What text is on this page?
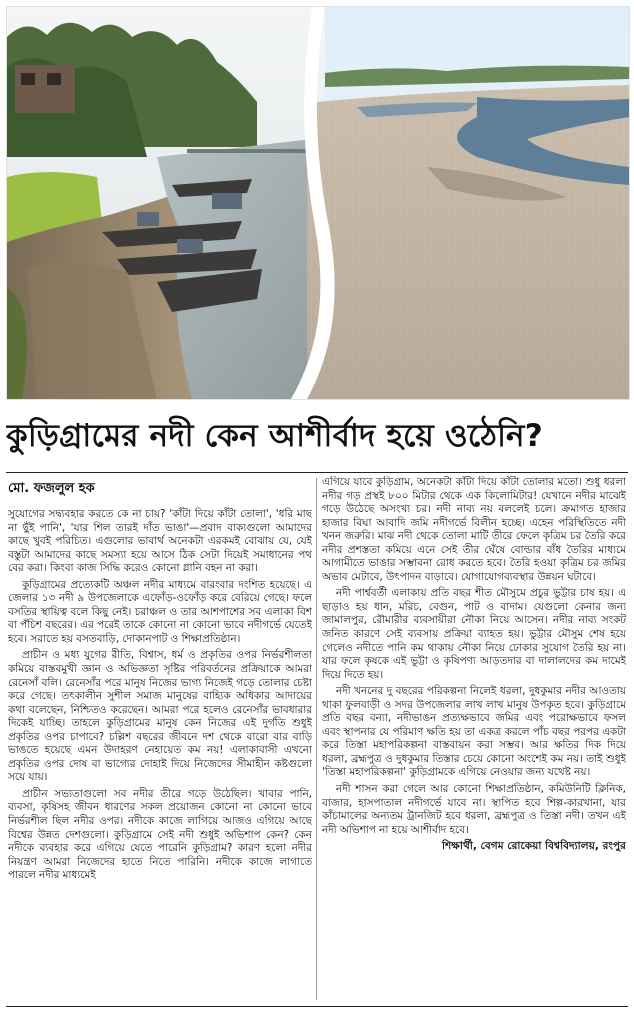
কুড়িগ্রামের নদী কেন আশীর্বাদ হয়ে ওঠেনি?
মো. ফজলুল হক

সুযোগের সদ্ব্যবহার করতে কে না চায়? 'কাঁটা দিয়ে কাঁটা তোলা', 'ধরি মাছ না ছুঁই পানি', 'যার শিল তারই দাঁত ভাঙা'—প্রবাদ বাক্যগুলো আমাদের কাছে খুবই পরিচিত। এগুলোর ভাবার্থ অনেকটা এরকমই বোঝায় যে, যেই বস্তুটা আমাদের কাছে সমস্যা হয়ে আসে ঠিক সেটা দিয়েই সমাধানের পথ বের করা। কিংবা কাজ সিদ্ধি করেও কোনো গ্লানি বহন না করা।

কুড়িগ্রামের প্রত্যেকটি অঞ্চল নদীর মাধ্যমে বারংবার দংশিত হয়েছে। এ জেলার ১৩ নদী ৯ উপজেলাকে এফোঁড়-ওফোঁড় করে বেরিয়ে গেছে। ফলে বসতির স্থায়িত্ব বলে কিছু নেই। চরাঞ্চল ও তার আশপাশের সব এলাকা বিশ বা পঁচিশ বছরের। এর পরেই তাকে কোনো না কোনো ভাবে নদীগর্ভে যেতেই হবে। সরাতে হয় বসতবাড়ি, দোকানপাট ও শিক্ষাপ্রতিষ্ঠান।

প্রাচীন ও মধ্য যুগের রীতি, বিশ্বাস, ধর্ম ও প্রকৃতির ওপর নির্ভরশীলতা কমিয়ে বাস্তবমুখী জ্ঞান ও অভিজ্ঞতা সৃষ্টির পরিবর্তনের প্রক্রিয়াকে আমরা রেনেসাঁ বলি। রেনেসাঁর পরে মানুষ নিজের ভাগ্য নিজেই গড়ে তোলার চেষ্টা করে গেছে। তৎকালীন সুশীল সমাজ মানুষের বাহ্যিক অধিকার আদায়ের কথা বলেছেন, নিশ্চিতও করেছেন। আমরা পরে হলেও রেনেসাঁর ভাবধারার দিকেই যাচ্ছি। তাহলে কুড়িগ্রামের মানুষ কেন নিজের এই দুর্গতি শুধুই প্রকৃতির ওপর চাপাবে? চল্লিশ বছরের জীবনে দশ থেকে বারো বার বাড়ি ভাঙতে হয়েছে এমন উদাহরণ নেহায়েত কম নয়! এলাকাবাসী এখনো প্রকৃতির ওপর দোষ বা ভাগ্যের দোহাই দিয়ে নিজেদের সীমাহীন কষ্টগুলো সয়ে যায়।

প্রাচীন সভ্যতাগুলো সব নদীর তীরে গড়ে উঠেছিল। খাবার পানি, ব্যবসা, কৃষিসহ জীবন ধারণের সকল প্রয়োজন কোনো না কোনো ভাবে নির্ভরশীল ছিল নদীর ওপর। নদীকে কাজে লাগিয়ে আজও এগিয়ে আছে বিশ্বের উন্নত দেশগুলো। কুড়িগ্রামে সেই নদী শুধুই অভিশাপ কেন? কেন নদীকে ব্যবহার করে এগিয়ে যেতে পারেনি কুড়িগ্রাম? কারণ হলো নদীর নিয়ন্ত্রণ আমরা নিজেদের হাতে নিতে পারিনি। নদীকে কাজে লাগাতে পারলে নদীর মাধ্যমেই

এগিয়ে যাবে কুড়িগ্রাম, অনেকটা কাঁটা দিয়ে কাঁটা তোলার মতো। শুধু ধরলা নদীর গড় প্রস্থই ৮০০ মিটার থেকে এক কিলোমিটার! যেখানে নদীর মাঝেই গড়ে উঠেছে অসংখ্য চর। নদী নাব্য নয় বললেই চলে। ক্রমাগত হাজার হাজার বিঘা আবাদি জমি নদীগর্ভে বিলীন হচ্ছে। এহেন পরিস্থিতিতে নদী খনন জরুরি। মাঝ নদী থেকে তোলা মাটি তীরে ফেলে কৃত্রিম চর তৈরি করে নদীর প্রশস্ততা কমিয়ে এনে সেই তীর ঘেঁষে বোল্ডার বাঁধ তৈরির মাধ্যমে আগামীতে ভাঙার সম্ভাবনা রোধ করতে হবে। তৈরি হওয়া কৃত্রিম চর জমির অভাব মেটাবে, উৎপাদন বাড়াবে। যোগাযোগব্যবস্থার উন্নয়ন ঘটাবে।

নদী পার্শ্ববর্তী এলাকায় প্রতি বছর শীত মৌসুমে প্রচুর ভুট্টার চাষ হয়। এ ছাড়াও হয় ধান, মরিচ, বেগুন, পাট ও বাদাম। যেগুলো কেনার জন্য জামালপুর, রৌমারীর ব্যবসায়ীরা নৌকা নিয়ে আসেন। নদীর নাব্য সংকট জনিত কারণে সেই ব্যবসায় প্রক্রিয়া ব্যাহত হয়। ভুট্টার মৌসুম শেষ হয়ে গেলেও নদীতে পানি কম থাকায় নৌকা নিয়ে ঢোকার সুযোগ তৈরি হয় না। যার ফলে কৃষকে এই ভুট্টা ও কৃষিপণ্য আড়তদার বা দালালদের কম দামেই দিয়ে দিতে হয়।

নদী খননের দু বছরের পরিকল্পনা নিলেই ধরলা, দুধকুমার নদীর আওতায় থাকা ফুলবাড়ী ও সদর উপজেলার লাখ লাখ মানুষ উপকৃত হবে। কুড়িগ্রামে প্রতি বছর বন্যা, নদীভাঙন প্রত্যক্ষভাবে জমির এবং পরোক্ষভাবে ফসল এবং স্থাপনার যে পরিমাণ ক্ষতি হয় তা একত্র করলে পাঁচ বছর পরপর একটা করে তিস্তা মহাপরিকল্পনা বাস্তবায়ন করা সম্ভব। আর ক্ষতির দিক দিয়ে ধরলা, ব্রহ্মপুত্র ও দুধকুমার তিস্তার চেয়ে কোনো অংশেই কম নয়। তাই শুধুই 'তিস্তা মহাপরিকল্পনা' কুড়িগ্রামকে এগিয়ে নেওয়ার জন্য যথেষ্ট নয়।

নদী শাসন করা গেলে আর কোনো শিক্ষাপ্রতিষ্ঠান, কমিউনিটি ক্লিনিক, বাজার, হাসপাতাল নদীগর্ভে যাবে না। স্থাপিত হবে শিল্প-কারখানা, যার কাঁচামালের অন্যতম ট্রানজিট হবে ধরলা, ব্রহ্মপুত্র ও তিস্তা নদী। তখন এই নদী অভিশাপ না হয়ে আশীর্বাদ হবে।

শিক্ষার্থী, বেগম রোকেয়া বিশ্ববিদ্যালয়, রংপুর
